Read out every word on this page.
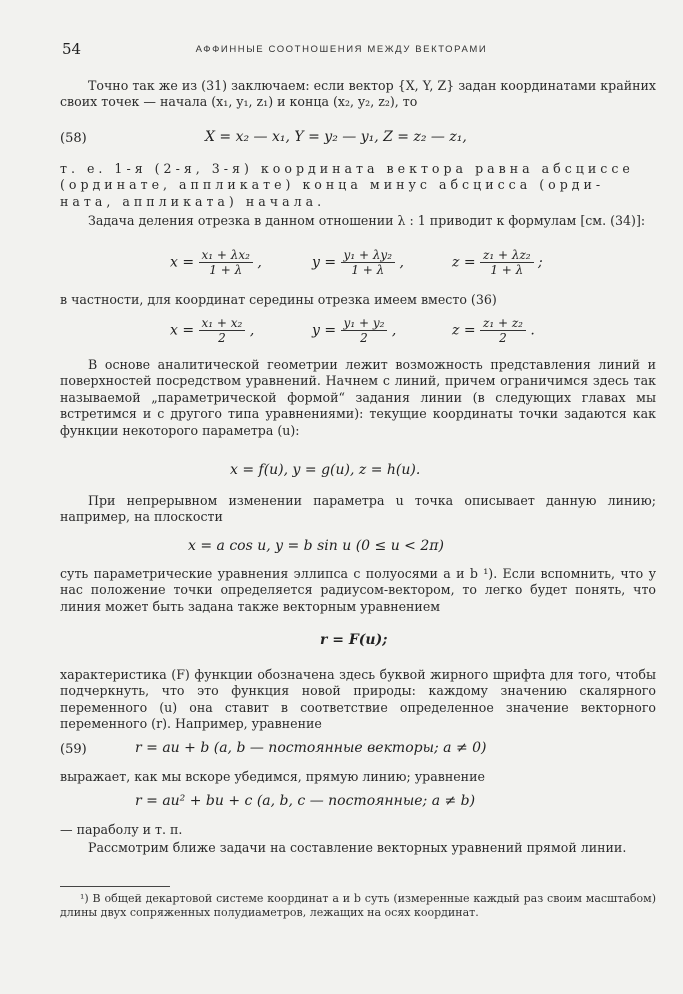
54	АФФИННЫЕ СООТНОШЕНИЯ МЕЖДУ ВЕКТОРАМИ
Точно так же из (31) заключаем: если вектор {X, Y, Z} задан координатами крайних своих точек — начала (x₁, y₁, z₁) и конца (x₂, y₂, z₂), то
(58)	X = x₂ — x₁, Y = y₂ — y₁, Z = z₂ — z₁,
т. е. 1-я (2-я, 3-я) координата вектора равна абсциссе
(ординате, аппликате) конца минус абсцисса (орди-
ната, аппликата) начала.
Задача деления отрезка в данном отношении λ : 1 приводит к формулам [см. (34)]:
$x = \frac{\text{x₁ + λx₂}}{1 + \lambda}$ ,	$y = \frac{\text{y₁ + λy₂}}{1 + \lambda}$ ,	$z = \frac{\text{z₁ + λz₂}}{1 + \lambda}$ ;
в частности, для координат середины отрезка имеем вместо (36)
$x = \frac{\text{x₁ + x₂}}{2}$ ,	$y = \frac{\text{y₁ + y₂}}{2}$ ,	$z = \frac{\text{z₁ + z₂}}{2}$ .
В основе аналитической геометрии лежит возможность представления линий и поверхностей посредством уравнений. Начнем с линий, причем ограничимся здесь так называемой „параметрической формой“ задания линии (в следующих главах мы встретимся и с другого типа уравнениями): текущие координаты точки задаются как функции некоторого параметра (u):
x = f(u), y = g(u), z = h(u).
При непрерывном изменении параметра u точка описывает данную линию; например, на плоскости
x = a cos u, y = b sin u (0 ≤ u < 2π)
суть параметрические уравнения эллипса с полуосями a и b ¹). Если вспомнить, что у нас положение точки определяется радиусом-вектором, то легко будет понять, что линия может быть задана также векторным уравнением
r = F(u);
характеристика (F) функции обозначена здесь буквой жирного шрифта для того, чтобы подчеркнуть, что это функция новой природы: каждому значению скалярного переменного (u) она ставит в соответствие определенное значение векторного переменного (r). Например, уравнение
(59)	r = au + b (a, b — постоянные векторы; a ≠ 0)
выражает, как мы вскоре убедимся, прямую линию; уравнение
r = au² + bu + c (a, b, c — постоянные; a ≠ b)
— параболу и т. п.
Рассмотрим ближе задачи на составление векторных уравнений прямой линии.
¹) В общей декартовой системе координат a и b суть (измеренные каждый раз своим масштабом) длины двух сопряженных полудиаметров, лежащих на осях координат.
